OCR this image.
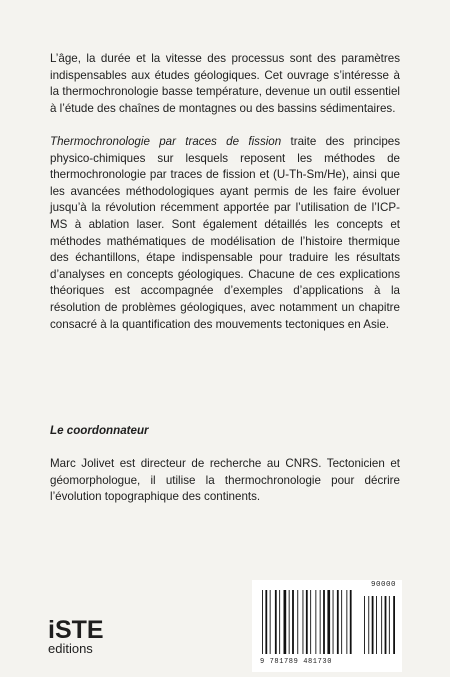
L’âge, la durée et la vitesse des processus sont des paramètres indispensables aux études géologiques. Cet ouvrage s’intéresse à la thermochronologie basse température, devenue un outil essentiel à l’étude des chaînes de montagnes ou des bassins sédimentaires.

Thermochronologie par traces de fission traite des principes physico-chimiques sur lesquels reposent les méthodes de thermochronologie par traces de fission et (U-Th-Sm/He), ainsi que les avancées méthodologiques ayant permis de les faire évoluer jusqu’à la révolution récemment apportée par l’utilisation de l’ICP-MS à ablation laser. Sont également détaillés les concepts et méthodes mathématiques de modélisation de l’histoire thermique des échantillons, étape indispensable pour traduire les résultats d’analyses en concepts géologiques. Chacune de ces explications théoriques est accompagnée d’exemples d’applications à la résolution de problèmes géologiques, avec notamment un chapitre consacré à la quantification des mouvements tectoniques en Asie.

Le coordonnateur

Marc Jolivet est directeur de recherche au CNRS. Tectonicien et géomorphologue, il utilise la thermochronologie pour décrire l’évolution topographique des continents.

iSTE
editions
90000
9 781789 481730
